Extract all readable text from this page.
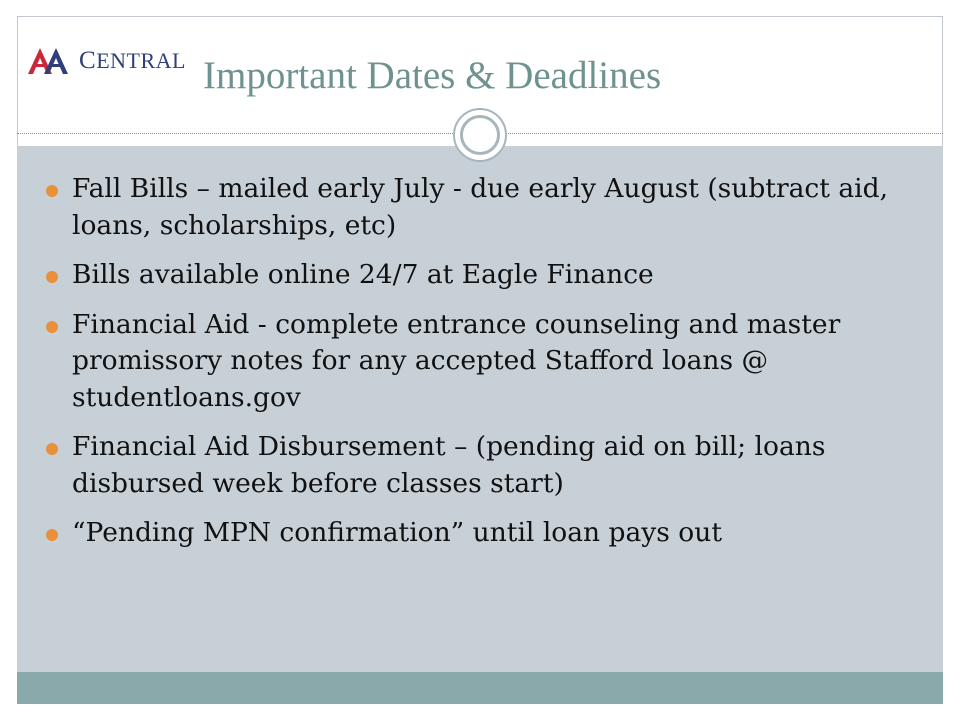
CENTRAL Important Dates & Deadlines
Fall Bills – mailed early July - due early August (subtract aid, loans, scholarships, etc)
Bills available online 24/7 at Eagle Finance
Financial Aid - complete entrance counseling and master promissory notes for any accepted Stafford loans @ studentloans.gov
Financial Aid Disbursement – (pending aid on bill; loans disbursed week before classes start)
“Pending MPN confirmation” until loan pays out
